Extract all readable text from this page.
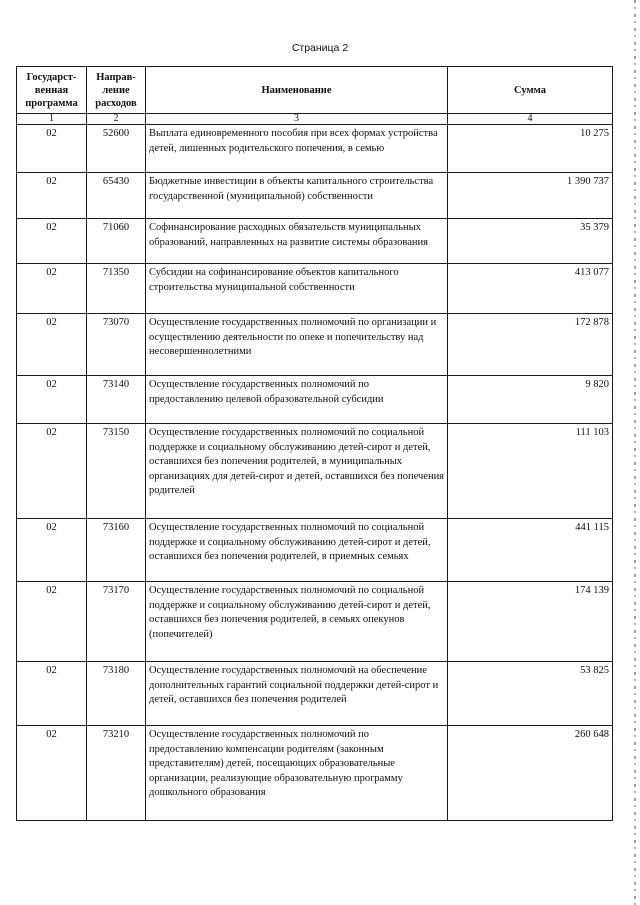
Страница 2
Государст-венная программа	Направ-ление расходов	Наименование	Сумма
1	2	3	4
02	52600	Выплата единовременного пособия при всех формах устройства детей, лишенных родительского попечения, в семью	10 275
02	65430	Бюджетные инвестиции в объекты капитального строительства государственной (муниципальной) собственности	1 390 737
02	71060	Софинансирование расходных обязательств муниципальных образований, направленных на развитие системы образования	35 379
02	71350	Субсидии на софинансирование объектов капитального строительства муниципальной собственности	413 077
02	73070	Осуществление государственных полномочий по организации и осуществлению деятельности по опеке и попечительству над несовершеннолетними	172 878
02	73140	Осуществление государственных полномочий по предоставлению целевой образовательной субсидии	9 820
02	73150	Осуществление государственных полномочий по социальной поддержке и социальному обслуживанию детей-сирот и детей, оставшихся без попечения родителей, в муниципальных организациях для детей-сирот и детей, оставшихся без попечения родителей	111 103
02	73160	Осуществление государственных полномочий по социальной поддержке и социальному обслуживанию детей-сирот и детей, оставшихся без попечения родителей, в приемных семьях	441 115
02	73170	Осуществление государственных полномочий по социальной поддержке и социальному обслуживанию детей-сирот и детей, оставшихся без попечения родителей, в семьях опекунов (попечителей)	174 139
02	73180	Осуществление государственных полномочий на обеспечение дополнительных гарантий социальной поддержки детей-сирот и детей, оставшихся без попечения родителей	53 825
02	73210	Осуществление государственных полномочий по предоставлению компенсации родителям (законным представителям) детей, посещающих образовательные организации, реализующие образовательную программу дошкольного образования	260 648
